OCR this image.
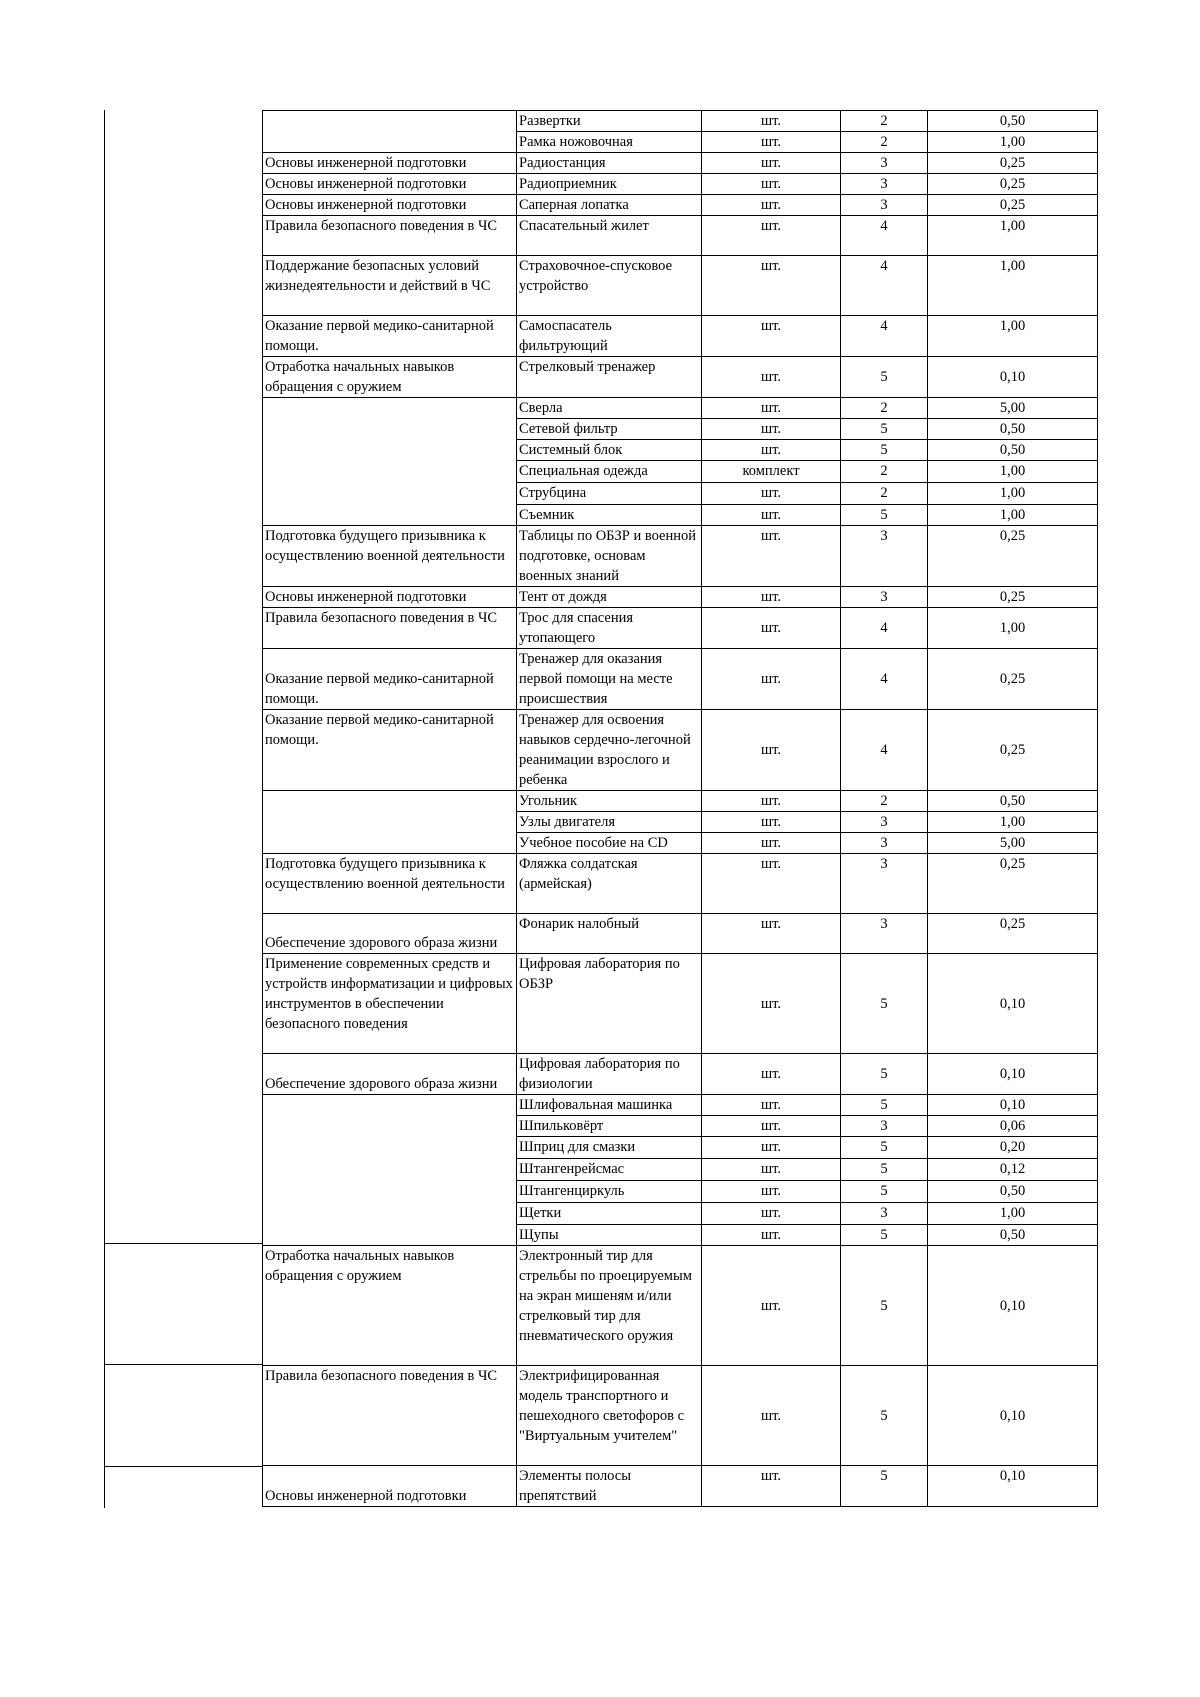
	Развертки	шт.	2	0,50
	Рамка ножовочная	шт.	2	1,00
Основы инженерной подготовки	Радиостанция	шт.	3	0,25
Основы инженерной подготовки	Радиоприемник	шт.	3	0,25
Основы инженерной подготовки	Саперная лопатка	шт.	3	0,25
Правила безопасного поведения в ЧС	Спасательный жилет	шт.	4	1,00
Поддержание безопасных условий жизнедеятельности и действий в ЧС	Страховочное-спусковое устройство	шт.	4	1,00
Оказание первой медико-санитарной помощи.	Самоспасатель фильтрующий	шт.	4	1,00
Отработка начальных навыков обращения с оружием	Стрелковый тренажер	шт.	5	0,10
	Сверла	шт.	2	5,00
	Сетевой фильтр	шт.	5	0,50
	Системный блок	шт.	5	0,50
	Специальная одежда	комплект	2	1,00
	Струбцина	шт.	2	1,00
	Съемник	шт.	5	1,00
Подготовка будущего призывника к осуществлению военной деятельности	Таблицы по ОБЗР и военной подготовке, основам военных знаний	шт.	3	0,25
Основы инженерной подготовки	Тент от дождя	шт.	3	0,25
Правила безопасного поведения в ЧС	Трос для спасения утопающего	шт.	4	1,00
Оказание первой медико-санитарной помощи.	Тренажер для оказания первой помощи на месте происшествия	шт.	4	0,25
Оказание первой медико-санитарной помощи.	Тренажер для освоения навыков сердечно-легочной реанимации взрослого и ребенка	шт.	4	0,25
	Угольник	шт.	2	0,50
	Узлы двигателя	шт.	3	1,00
	Учебное пособие на CD	шт.	3	5,00
Подготовка будущего призывника к осуществлению военной деятельности	Фляжка солдатская (армейская)	шт.	3	0,25
Обеспечение здорового образа жизни	Фонарик налобный	шт.	3	0,25
Применение современных средств и устройств информатизации и цифровых инструментов в обеспечении безопасного поведения	Цифровая лаборатория по ОБЗР	шт.	5	0,10
Обеспечение здорового образа жизни	Цифровая лаборатория по физиологии	шт.	5	0,10
	Шлифовальная машинка	шт.	5	0,10
	Шпильковёрт	шт.	3	0,06
	Шприц для смазки	шт.	5	0,20
	Штангенрейсмас	шт.	5	0,12
	Штангенциркуль	шт.	5	0,50
	Щетки	шт.	3	1,00
	Щупы	шт.	5	0,50
Отработка начальных навыков обращения с оружием	Электронный тир для стрельбы по проецируемым на экран мишеням и/или стрелковый тир для пневматического оружия	шт.	5	0,10
Правила безопасного поведения в ЧС	Электрифицированная модель транспортного и пешеходного светофоров с "Виртуальным учителем"	шт.	5	0,10
Основы инженерной подготовки	Элементы полосы препятствий	шт.	5	0,10
